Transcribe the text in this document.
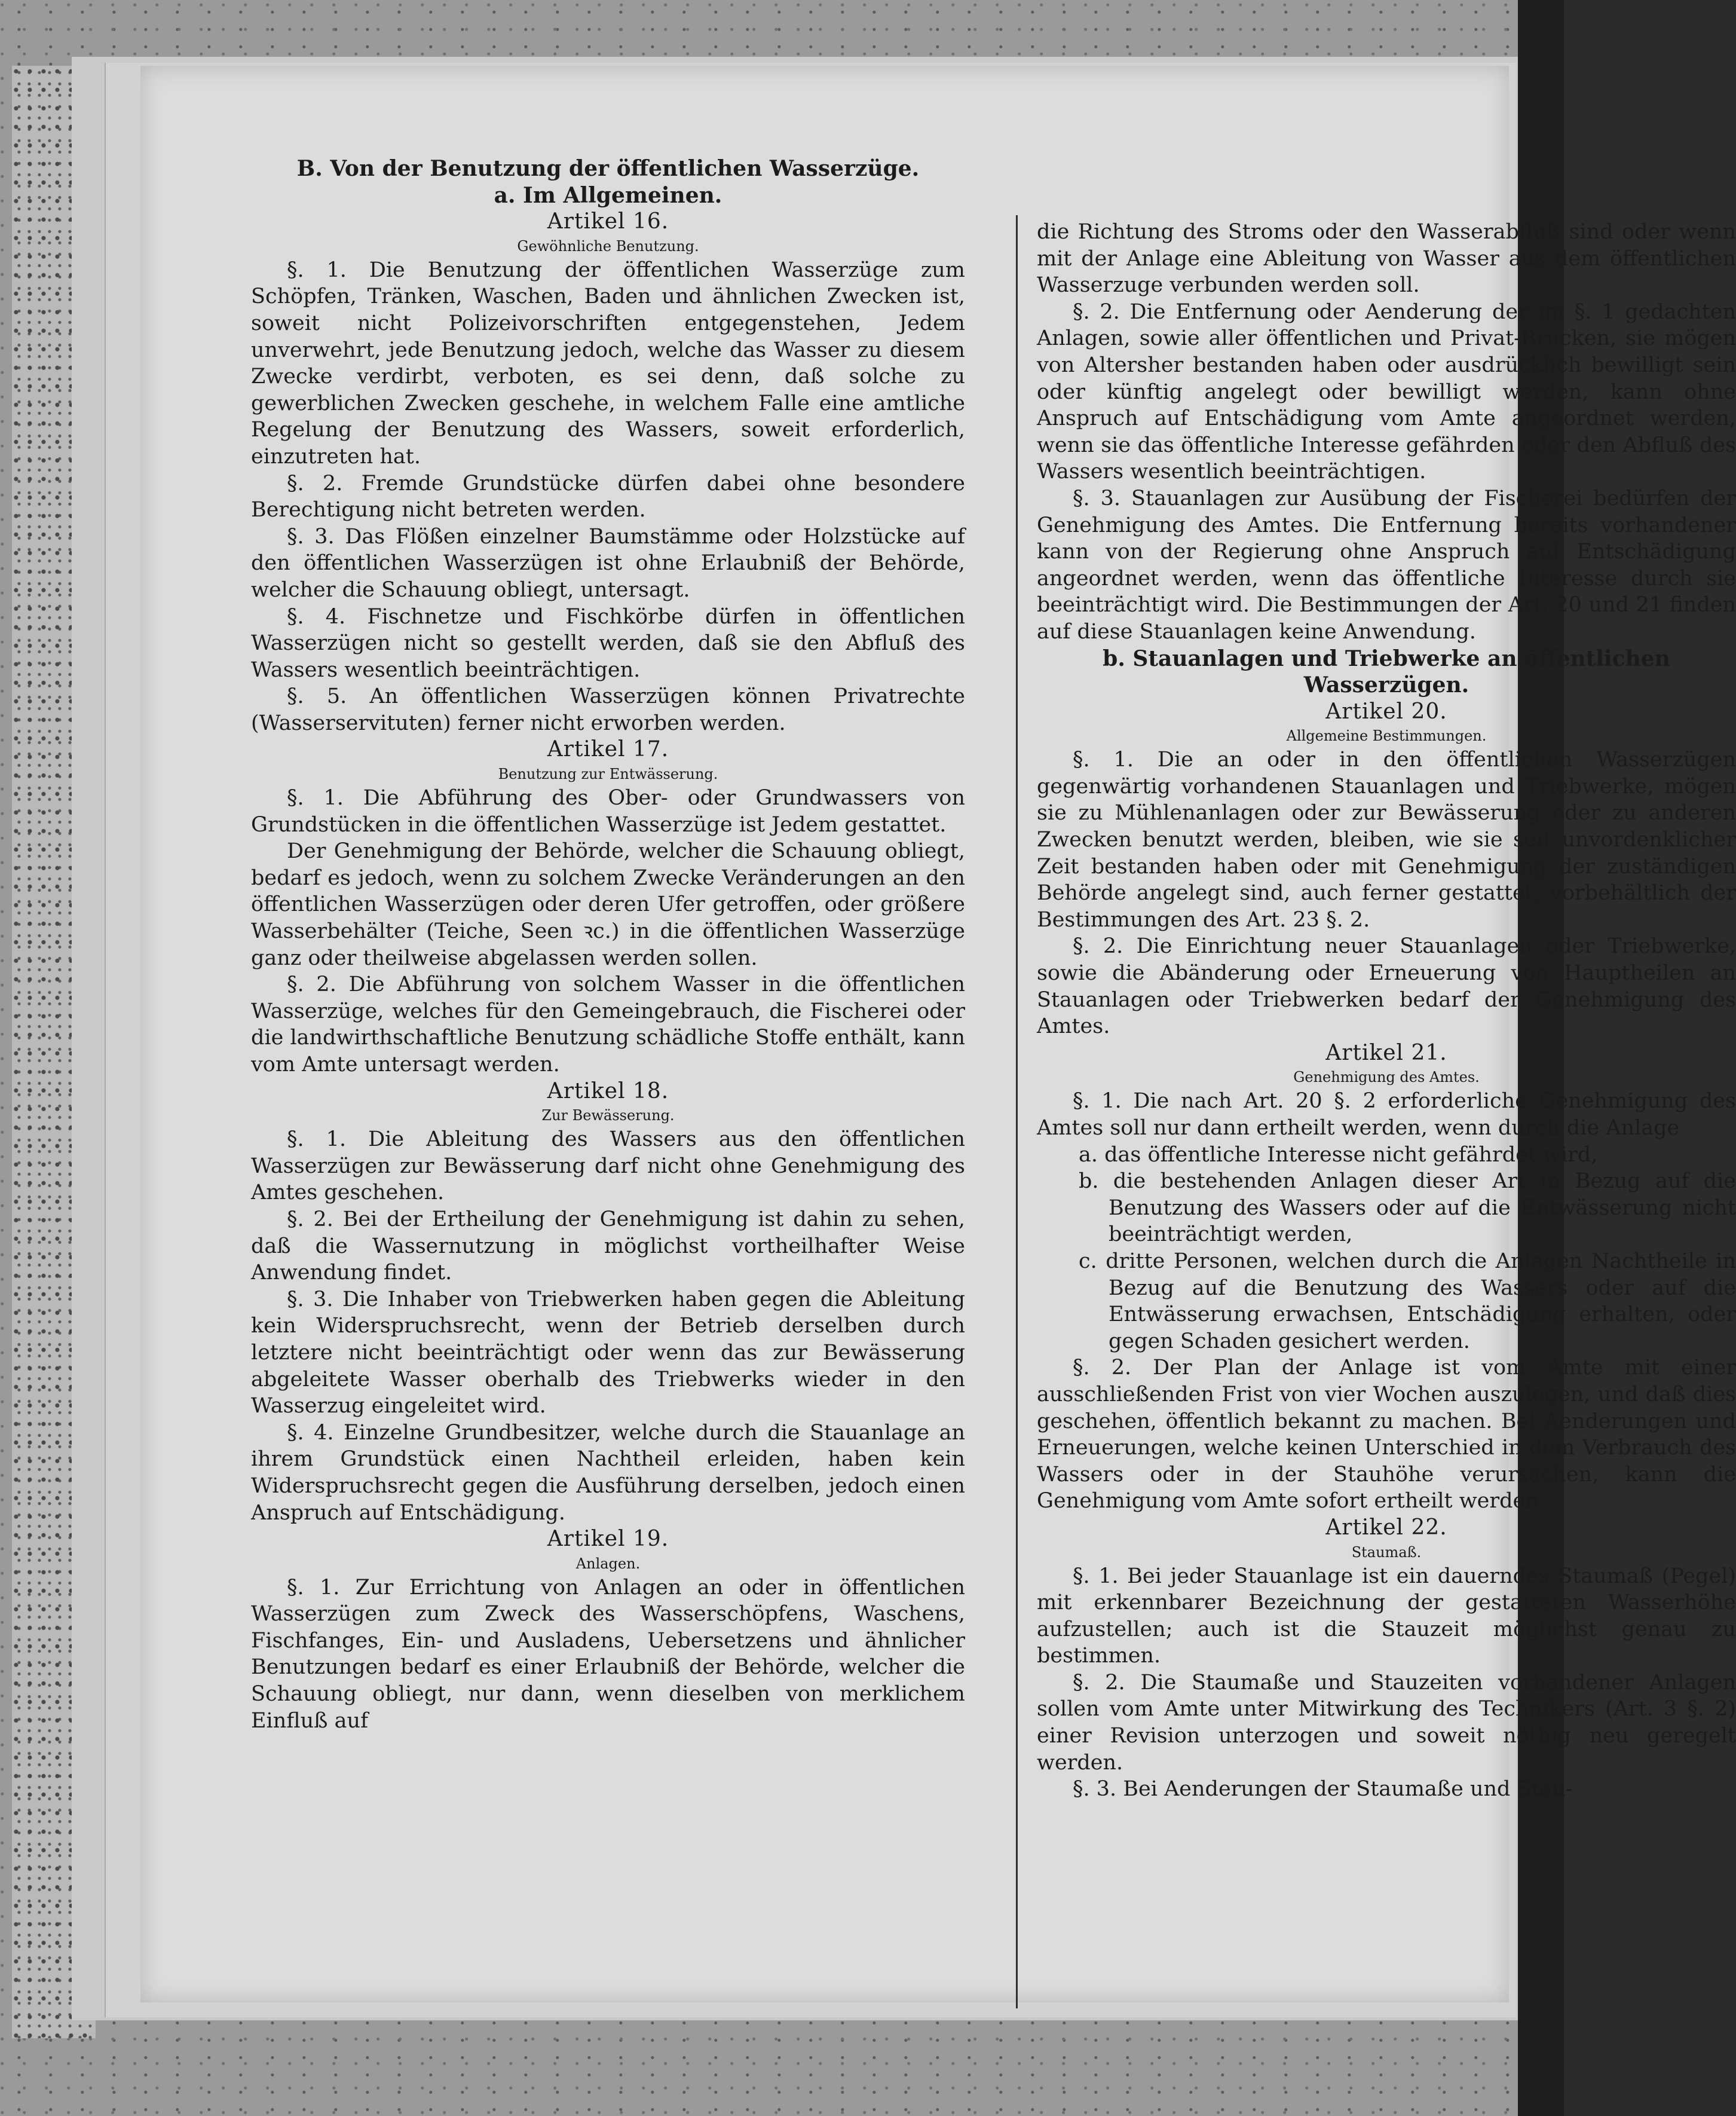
B. Von der Benutzung der öffentlichen Wasserzüge.

a. Im Allgemeinen.

Artikel 16.

Gewöhnliche Benutzung.

§. 1. Die Benutzung der öffentlichen Wasserzüge zum Schöpfen, Tränken, Waschen, Baden und ähnlichen Zwecken ist, soweit nicht Polizeivorschriften entgegenstehen, Jedem unverwehrt, jede Benutzung jedoch, welche das Wasser zu diesem Zwecke verdirbt, verboten, es sei denn, daß solche zu gewerblichen Zwecken geschehe, in welchem Falle eine amtliche Regelung der Benutzung des Wassers, soweit erforderlich, einzutreten hat.

§. 2. Fremde Grundstücke dürfen dabei ohne besondere Berechtigung nicht betreten werden.

§. 3. Das Flößen einzelner Baumstämme oder Holzstücke auf den öffentlichen Wasserzügen ist ohne Erlaubniß der Behörde, welcher die Schauung obliegt, untersagt.

§. 4. Fischnetze und Fischkörbe dürfen in öffentlichen Wasserzügen nicht so gestellt werden, daß sie den Abfluß des Wassers wesentlich beeinträchtigen.

§. 5. An öffentlichen Wasserzügen können Privatrechte (Wasserservituten) ferner nicht erworben werden.

Artikel 17.

Benutzung zur Entwässerung.

§. 1. Die Abführung des Ober- oder Grundwassers von Grundstücken in die öffentlichen Wasserzüge ist Jedem gestattet.

Der Genehmigung der Behörde, welcher die Schauung obliegt, bedarf es jedoch, wenn zu solchem Zwecke Veränderungen an den öffentlichen Wasserzügen oder deren Ufer getroffen, oder größere Wasserbehälter (Teiche, Seen ꝛc.) in die öffentlichen Wasserzüge ganz oder theilweise abgelassen werden sollen.

§. 2. Die Abführung von solchem Wasser in die öffentlichen Wasserzüge, welches für den Gemeingebrauch, die Fischerei oder die landwirthschaftliche Benutzung schädliche Stoffe enthält, kann vom Amte untersagt werden.

Artikel 18.

Zur Bewässerung.

§. 1. Die Ableitung des Wassers aus den öffentlichen Wasserzügen zur Bewässerung darf nicht ohne Genehmigung des Amtes geschehen.

§. 2. Bei der Ertheilung der Genehmigung ist dahin zu sehen, daß die Wassernutzung in möglichst vortheilhafter Weise Anwendung findet.

§. 3. Die Inhaber von Triebwerken haben gegen die Ableitung kein Widerspruchsrecht, wenn der Betrieb derselben durch letztere nicht beeinträchtigt oder wenn das zur Bewässerung abgeleitete Wasser oberhalb des Triebwerks wieder in den Wasserzug eingeleitet wird.

§. 4. Einzelne Grundbesitzer, welche durch die Stauanlage an ihrem Grundstück einen Nachtheil erleiden, haben kein Widerspruchsrecht gegen die Ausführung derselben, jedoch einen Anspruch auf Entschädigung.

Artikel 19.

Anlagen.

§. 1. Zur Errichtung von Anlagen an oder in öffentlichen Wasserzügen zum Zweck des Wasserschöpfens, Waschens, Fischfanges, Ein- und Ausladens, Uebersetzens und ähnlicher Benutzungen bedarf es einer Erlaubniß der Behörde, welcher die Schauung obliegt, nur dann, wenn dieselben von merklichem Einfluß auf

die Richtung des Stroms oder den Wasserabfluß sind oder wenn mit der Anlage eine Ableitung von Wasser aus dem öffentlichen Wasserzuge verbunden werden soll.

§. 2. Die Entfernung oder Aenderung der im §. 1 gedachten Anlagen, sowie aller öffentlichen und Privat-Brücken, sie mögen von Altersher bestanden haben oder ausdrücklich bewilligt sein oder künftig angelegt oder bewilligt werden, kann ohne Anspruch auf Entschädigung vom Amte angeordnet werden, wenn sie das öffentliche Interesse gefährden oder den Abfluß des Wassers wesentlich beeinträchtigen.

§. 3. Stauanlagen zur Ausübung der Fischerei bedürfen der Genehmigung des Amtes. Die Entfernung bereits vorhandener kann von der Regierung ohne Anspruch auf Entschädigung angeordnet werden, wenn das öffentliche Interesse durch sie beeinträchtigt wird. Die Bestimmungen der Art. 20 und 21 finden auf diese Stauanlagen keine Anwendung.

b. Stauanlagen und Triebwerke an öffentlichen Wasserzügen.

Artikel 20.

Allgemeine Bestimmungen.

§. 1. Die an oder in den öffentlichen Wasserzügen gegenwärtig vorhandenen Stauanlagen und Triebwerke, mögen sie zu Mühlenanlagen oder zur Bewässerung oder zu anderen Zwecken benutzt werden, bleiben, wie sie seit unvordenklicher Zeit bestanden haben oder mit Genehmigung der zuständigen Behörde angelegt sind, auch ferner gestattet, vorbehältlich der Bestimmungen des Art. 23 §. 2.

§. 2. Die Einrichtung neuer Stauanlagen oder Triebwerke, sowie die Abänderung oder Erneuerung von Hauptheilen an Stauanlagen oder Triebwerken bedarf der Genehmigung des Amtes.

Artikel 21.

Genehmigung des Amtes.

§. 1. Die nach Art. 20 §. 2 erforderliche Genehmigung des Amtes soll nur dann ertheilt werden, wenn durch die Anlage

a. das öffentliche Interesse nicht gefährdet wird,

b. die bestehenden Anlagen dieser Art in Bezug auf die Benutzung des Wassers oder auf die Entwässerung nicht beeinträchtigt werden,

c. dritte Personen, welchen durch die Anlagen Nachtheile in Bezug auf die Benutzung des Wassers oder auf die Entwässerung erwachsen, Entschädigung erhalten, oder gegen Schaden gesichert werden.

§. 2. Der Plan der Anlage ist vom Amte mit einer ausschließenden Frist von vier Wochen auszulegen, und daß dies geschehen, öffentlich bekannt zu machen. Bei Aenderungen und Erneuerungen, welche keinen Unterschied in dem Verbrauch des Wassers oder in der Stauhöhe verursachen, kann die Genehmigung vom Amte sofort ertheilt werden.

Artikel 22.

Staumaß.

§. 1. Bei jeder Stauanlage ist ein dauerndes Staumaß (Pegel) mit erkennbarer Bezeichnung der gestatteten Wasserhöhe aufzustellen; auch ist die Stauzeit möglichst genau zu bestimmen.

§. 2. Die Staumaße und Stauzeiten vorhandener Anlagen sollen vom Amte unter Mitwirkung des Technikers (Art. 3 §. 2) einer Revision unterzogen und soweit nöthig neu geregelt werden.

§. 3. Bei Aenderungen der Staumaße und Stau-
